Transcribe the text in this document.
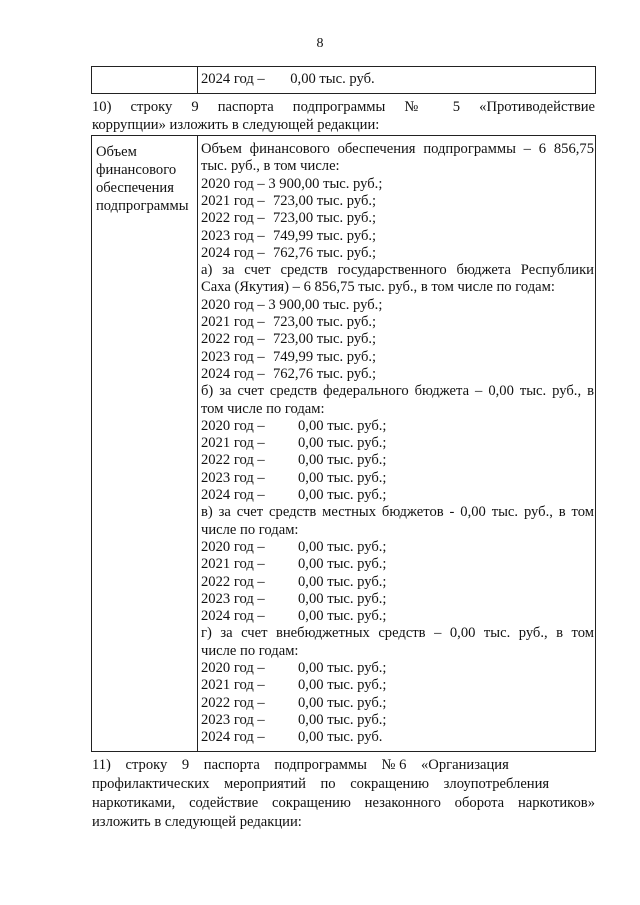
8
2024 год –       0,00 тыс. руб.
10) строку 9 паспорта подпрограммы № 5 «Противодействие
коррупции» изложить в следующей редакции:
Объем
финансового
обеспечения
подпрограммы
Объем финансового обеспечения подпрограммы – 6 856,75
тыс. руб., в том числе:
2020 год – 3 900,00 тыс. руб.;
2021 год – 723,00 тыс. руб.;
2022 год – 723,00 тыс. руб.;
2023 год – 749,99 тыс. руб.;
2024 год – 762,76 тыс. руб.;
а) за счет средств государственного бюджета Республики
Саха (Якутия) – 6 856,75 тыс. руб., в том числе по годам:
2020 год – 3 900,00 тыс. руб.;
2021 год – 723,00 тыс. руб.;
2022 год – 723,00 тыс. руб.;
2023 год – 749,99 тыс. руб.;
2024 год – 762,76 тыс. руб.;
б) за счет средств федерального бюджета – 0,00 тыс. руб., в
том числе по годам:
2020 год – 0,00 тыс. руб.;
2021 год – 0,00 тыс. руб.;
2022 год – 0,00 тыс. руб.;
2023 год – 0,00 тыс. руб.;
2024 год – 0,00 тыс. руб.;
в) за счет средств местных бюджетов - 0,00 тыс. руб., в том
числе по годам:
2020 год – 0,00 тыс. руб.;
2021 год – 0,00 тыс. руб.;
2022 год – 0,00 тыс. руб.;
2023 год – 0,00 тыс. руб.;
2024 год – 0,00 тыс. руб.;
г) за счет внебюджетных средств – 0,00 тыс. руб., в том
числе по годам:
2020 год – 0,00 тыс. руб.;
2021 год – 0,00 тыс. руб.;
2022 год – 0,00 тыс. руб.;
2023 год – 0,00 тыс. руб.;
2024 год – 0,00 тыс. руб.
11)    строку    9    паспорта    подпрограммы    № 6    «Организация
профилактических    мероприятий    по    сокращению    злоупотребления
наркотиками, содействие сокращению незаконного оборота наркотиков»
изложить в следующей редакции:
